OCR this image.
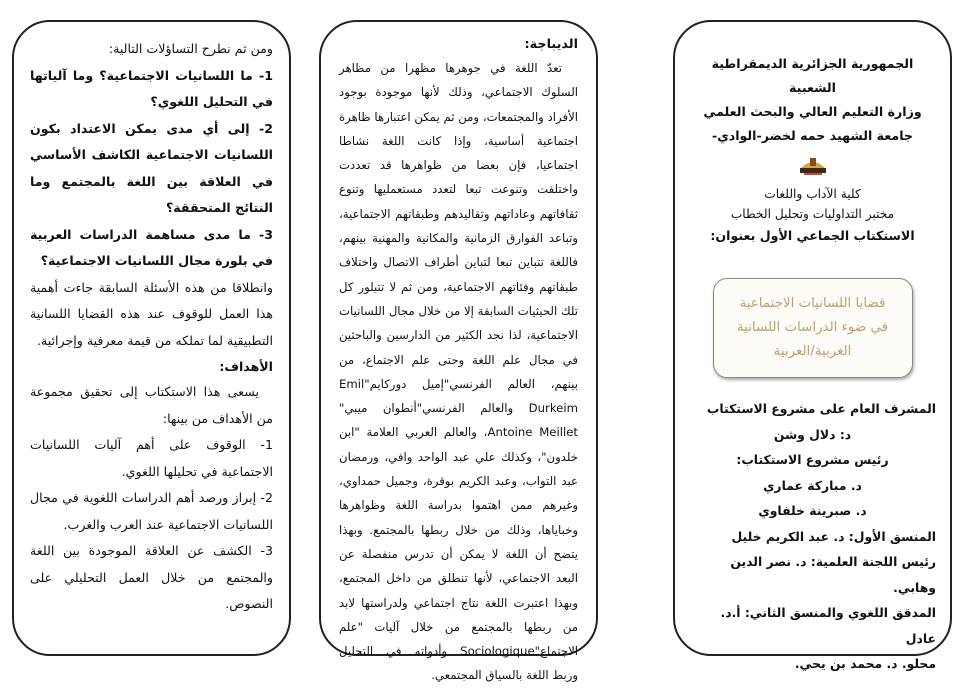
ومن ثم نطرح التساؤلات التالية:

1- ما اللسانيات الاجتماعية؟ وما آلياتها في التحليل اللغوي؟

2- إلى أي مدى يمكن الاعتداد بكون اللسانيات الاجتماعية الكاشف الأساسي في العلاقة بين اللغة بالمجتمع وما النتائج المتحققة؟

3- ما مدى مساهمة الدراسات العربية في بلورة مجال اللسانيات الاجتماعية؟

وانطلاقا من هذه الأسئلة السابقة جاءت أهمية هذا العمل للوقوف عند هذه القضايا اللسانية التطبيقية لما تملكه من قيمة معرفية وإجرائية.

الأهداف:

يسعى هذا الاستكتاب إلى تحقيق مجموعة من الأهداف من بينها:

1- الوقوف على أهم آليات اللسانيات الاجتماعية في تحليلها اللغوي.

2- إبراز ورصد أهم الدراسات اللغوية في مجال اللسانيات الاجتماعية عند العرب والغرب.

3- الكشف عن العلاقة الموجودة بين اللغة والمجتمع من خلال العمل التحليلي على النصوص.

الديباجة:

تعدّ اللغة في جوهرها مظهرا من مظاهر السلوك الاجتماعي، وذلك لأنها موجودة بوجود الأفراد والمجتمعات، ومن ثم يمكن اعتبارها ظاهرة اجتماعية أساسية، وإذا كانت اللغة نشاطا اجتماعيا، فإن بعضا من ظواهرها قد تعددت واختلفت وتنوعت تبعا لتعدد مستعمليها وتنوع ثقافاتهم وعاداتهم وتقاليدهم وطبقاتهم الاجتماعية، وتباعد الفوارق الزمانية والمكانية والمهنية بينهم، فاللغة تتباين تبعا لتباين أطراف الاتصال واختلاف طبقاتهم وفئاتهم الاجتماعية، ومن ثم لا تتبلور كل تلك الحيثيات السابقة إلا من خلال مجال اللسانيات الاجتماعية، لذا نجد الكثير من الدارسين والباحثين في مجال علم اللغة وحتى علم الاجتماع، من بينهم، العالم الفرنسي"إميل دوركايم"Emil Durkeim والعالم الفرنسي"أنطوان ميبي" Antoine Meillet، والعالم العربي العلامة "ابن خلدون"، وكذلك علي عبد الواحد وافي، ورمضان عبد التواب، وعبد الكريم بوقرة، وجميل حمداوي، وغيرهم ممن اهتموا بدراسة اللغة وظواهرها وخباياها، وذلك من خلال ربطها بالمجتمع. وبهذا يتضح أن اللغة لا يمكن أن تدرس منفصلة عن البعد الاجتماعي، لأنها تنطلق من داخل المجتمع، وبهذا اعتبرت اللغة نتاج اجتماعي ولدراستها لابد من ربطها بالمجتمع من خلال آليات "علم الاجتماع"Sociologique وأدواته في التحليل وربط اللغة بالسياق المجتمعي.

الجمهورية الجزائرية الديمقراطية الشعبية

وزارة التعليم العالي والبحث العلمي

جامعة الشهيد حمه لخضر-الوادي-

كلية الآداب واللغات

مختبر التداوليات وتحليل الخطاب

الاستكتاب الجماعي الأول بعنوان:

قضايا اللسانيات الاجتماعية
في ضوء الدراسات اللسانية
الغربية/العربية

المشرف العام على مشروع الاستكتاب

د: دلال وشن

رئيس مشروع الاستكتاب:

د. مباركة عماري

د. صبرينة خلفاوي

المنسق الأول: د. عبد الكريم خليل

رئيس اللجنة العلمية: د. نصر الدين وهابي.

المدقق اللغوي والمنسق الثاني: أ.د. عادل

محلو. د. محمد بن يحي.
